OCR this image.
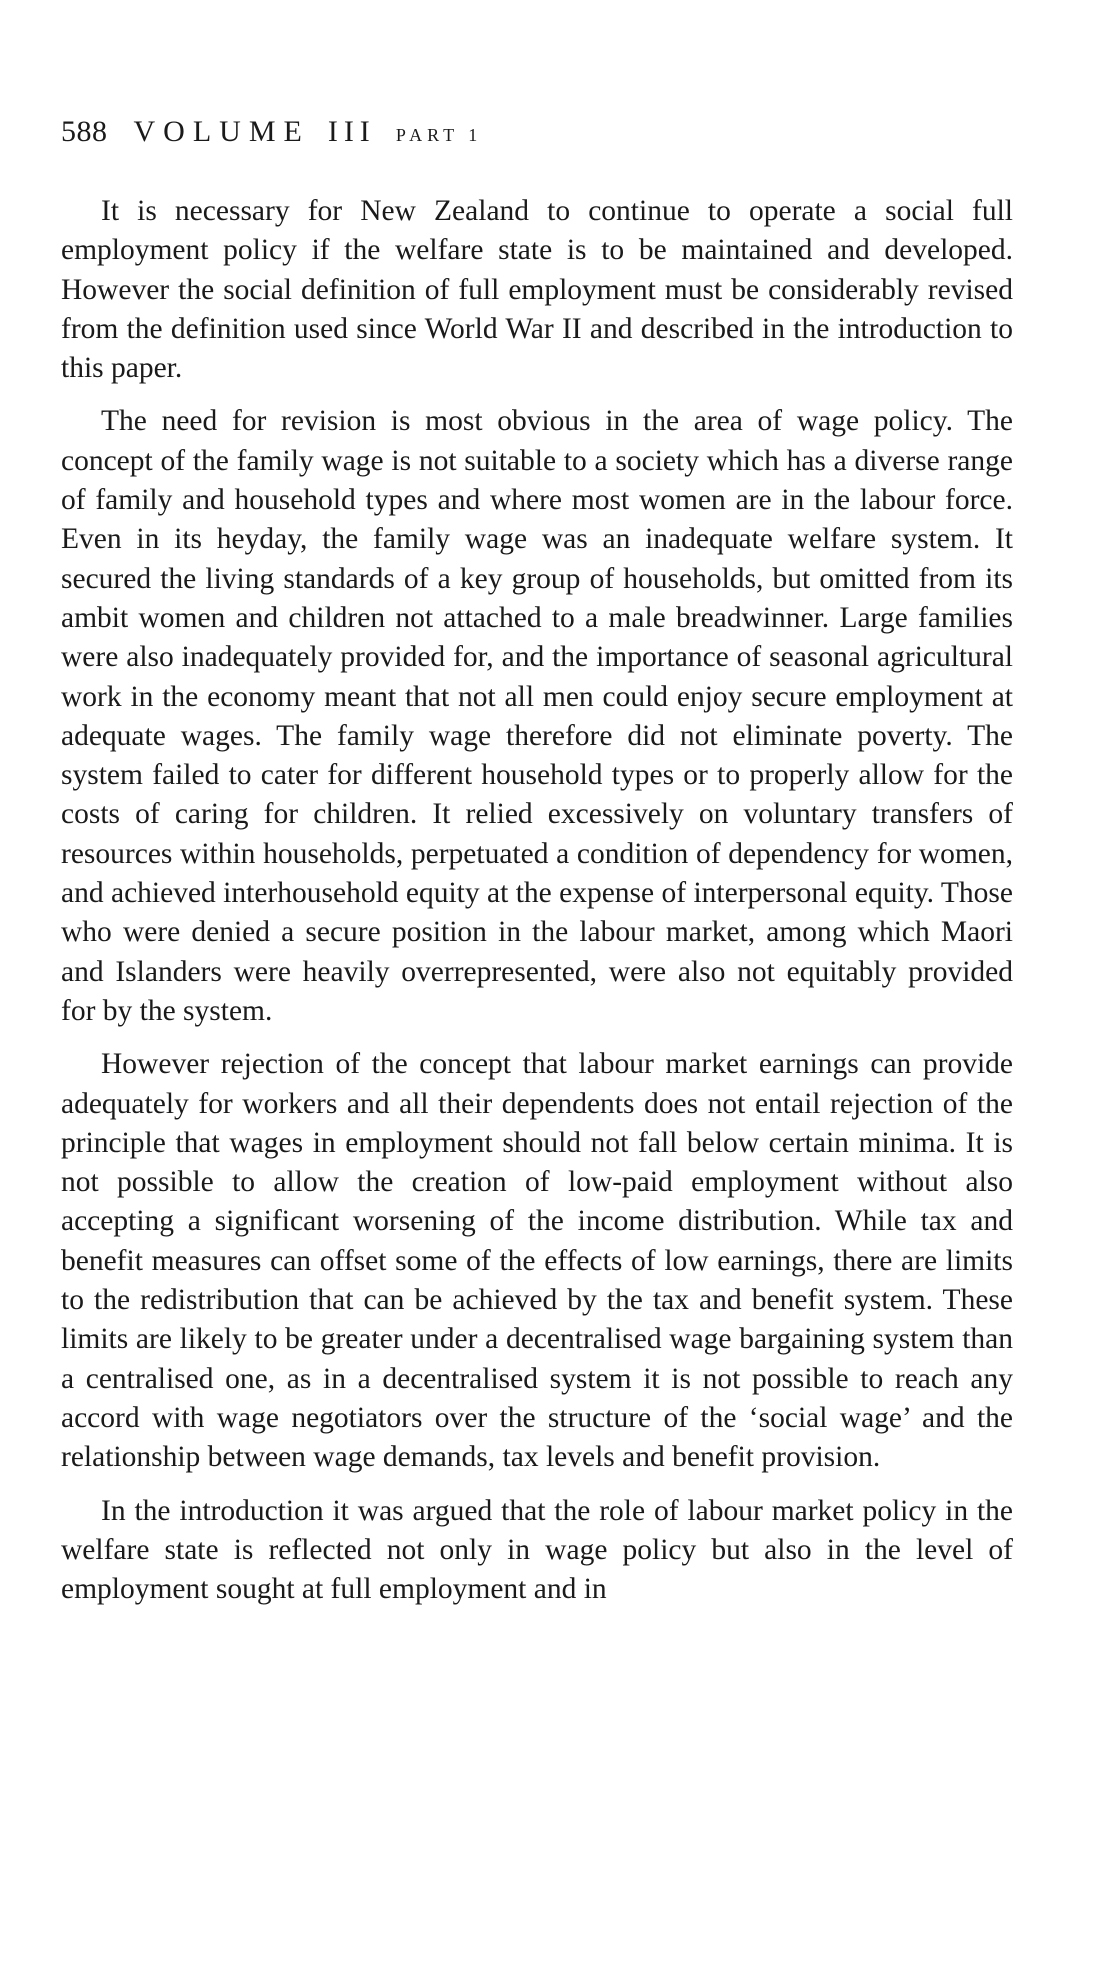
588 VOLUME III PART 1

It is necessary for New Zealand to continue to operate a social full employment policy if the welfare state is to be maintained and developed. However the social definition of full employment must be considerably revised from the definition used since World War II and described in the introduction to this paper.

The need for revision is most obvious in the area of wage policy. The concept of the family wage is not suitable to a society which has a diverse range of family and household types and where most women are in the labour force. Even in its heyday, the family wage was an inadequate welfare system. It secured the living standards of a key group of households, but omitted from its ambit women and children not attached to a male breadwinner. Large families were also inadequately provided for, and the importance of seasonal agricultural work in the economy meant that not all men could enjoy secure employment at adequate wages. The family wage therefore did not eliminate poverty. The system failed to cater for different household types or to properly allow for the costs of caring for children. It relied excessively on voluntary transfers of resources within households, perpetuated a condition of dependency for women, and achieved interhousehold equity at the expense of interpersonal equity. Those who were denied a secure position in the labour market, among which Maori and Islanders were heavily overrepresented, were also not equitably provided for by the system.

However rejection of the concept that labour market earnings can provide adequately for workers and all their dependents does not entail rejection of the principle that wages in employment should not fall below certain minima. It is not possible to allow the creation of low-paid employment without also accepting a significant worsening of the income distribution. While tax and benefit measures can offset some of the effects of low earnings, there are limits to the redistribution that can be achieved by the tax and benefit system. These limits are likely to be greater under a decentralised wage bargaining system than a centralised one, as in a decentralised system it is not possible to reach any accord with wage negotiators over the structure of the ‘social wage’ and the relationship between wage demands, tax levels and benefit provision.

In the introduction it was argued that the role of labour market policy in the welfare state is reflected not only in wage policy but also in the level of employment sought at full employment and in
